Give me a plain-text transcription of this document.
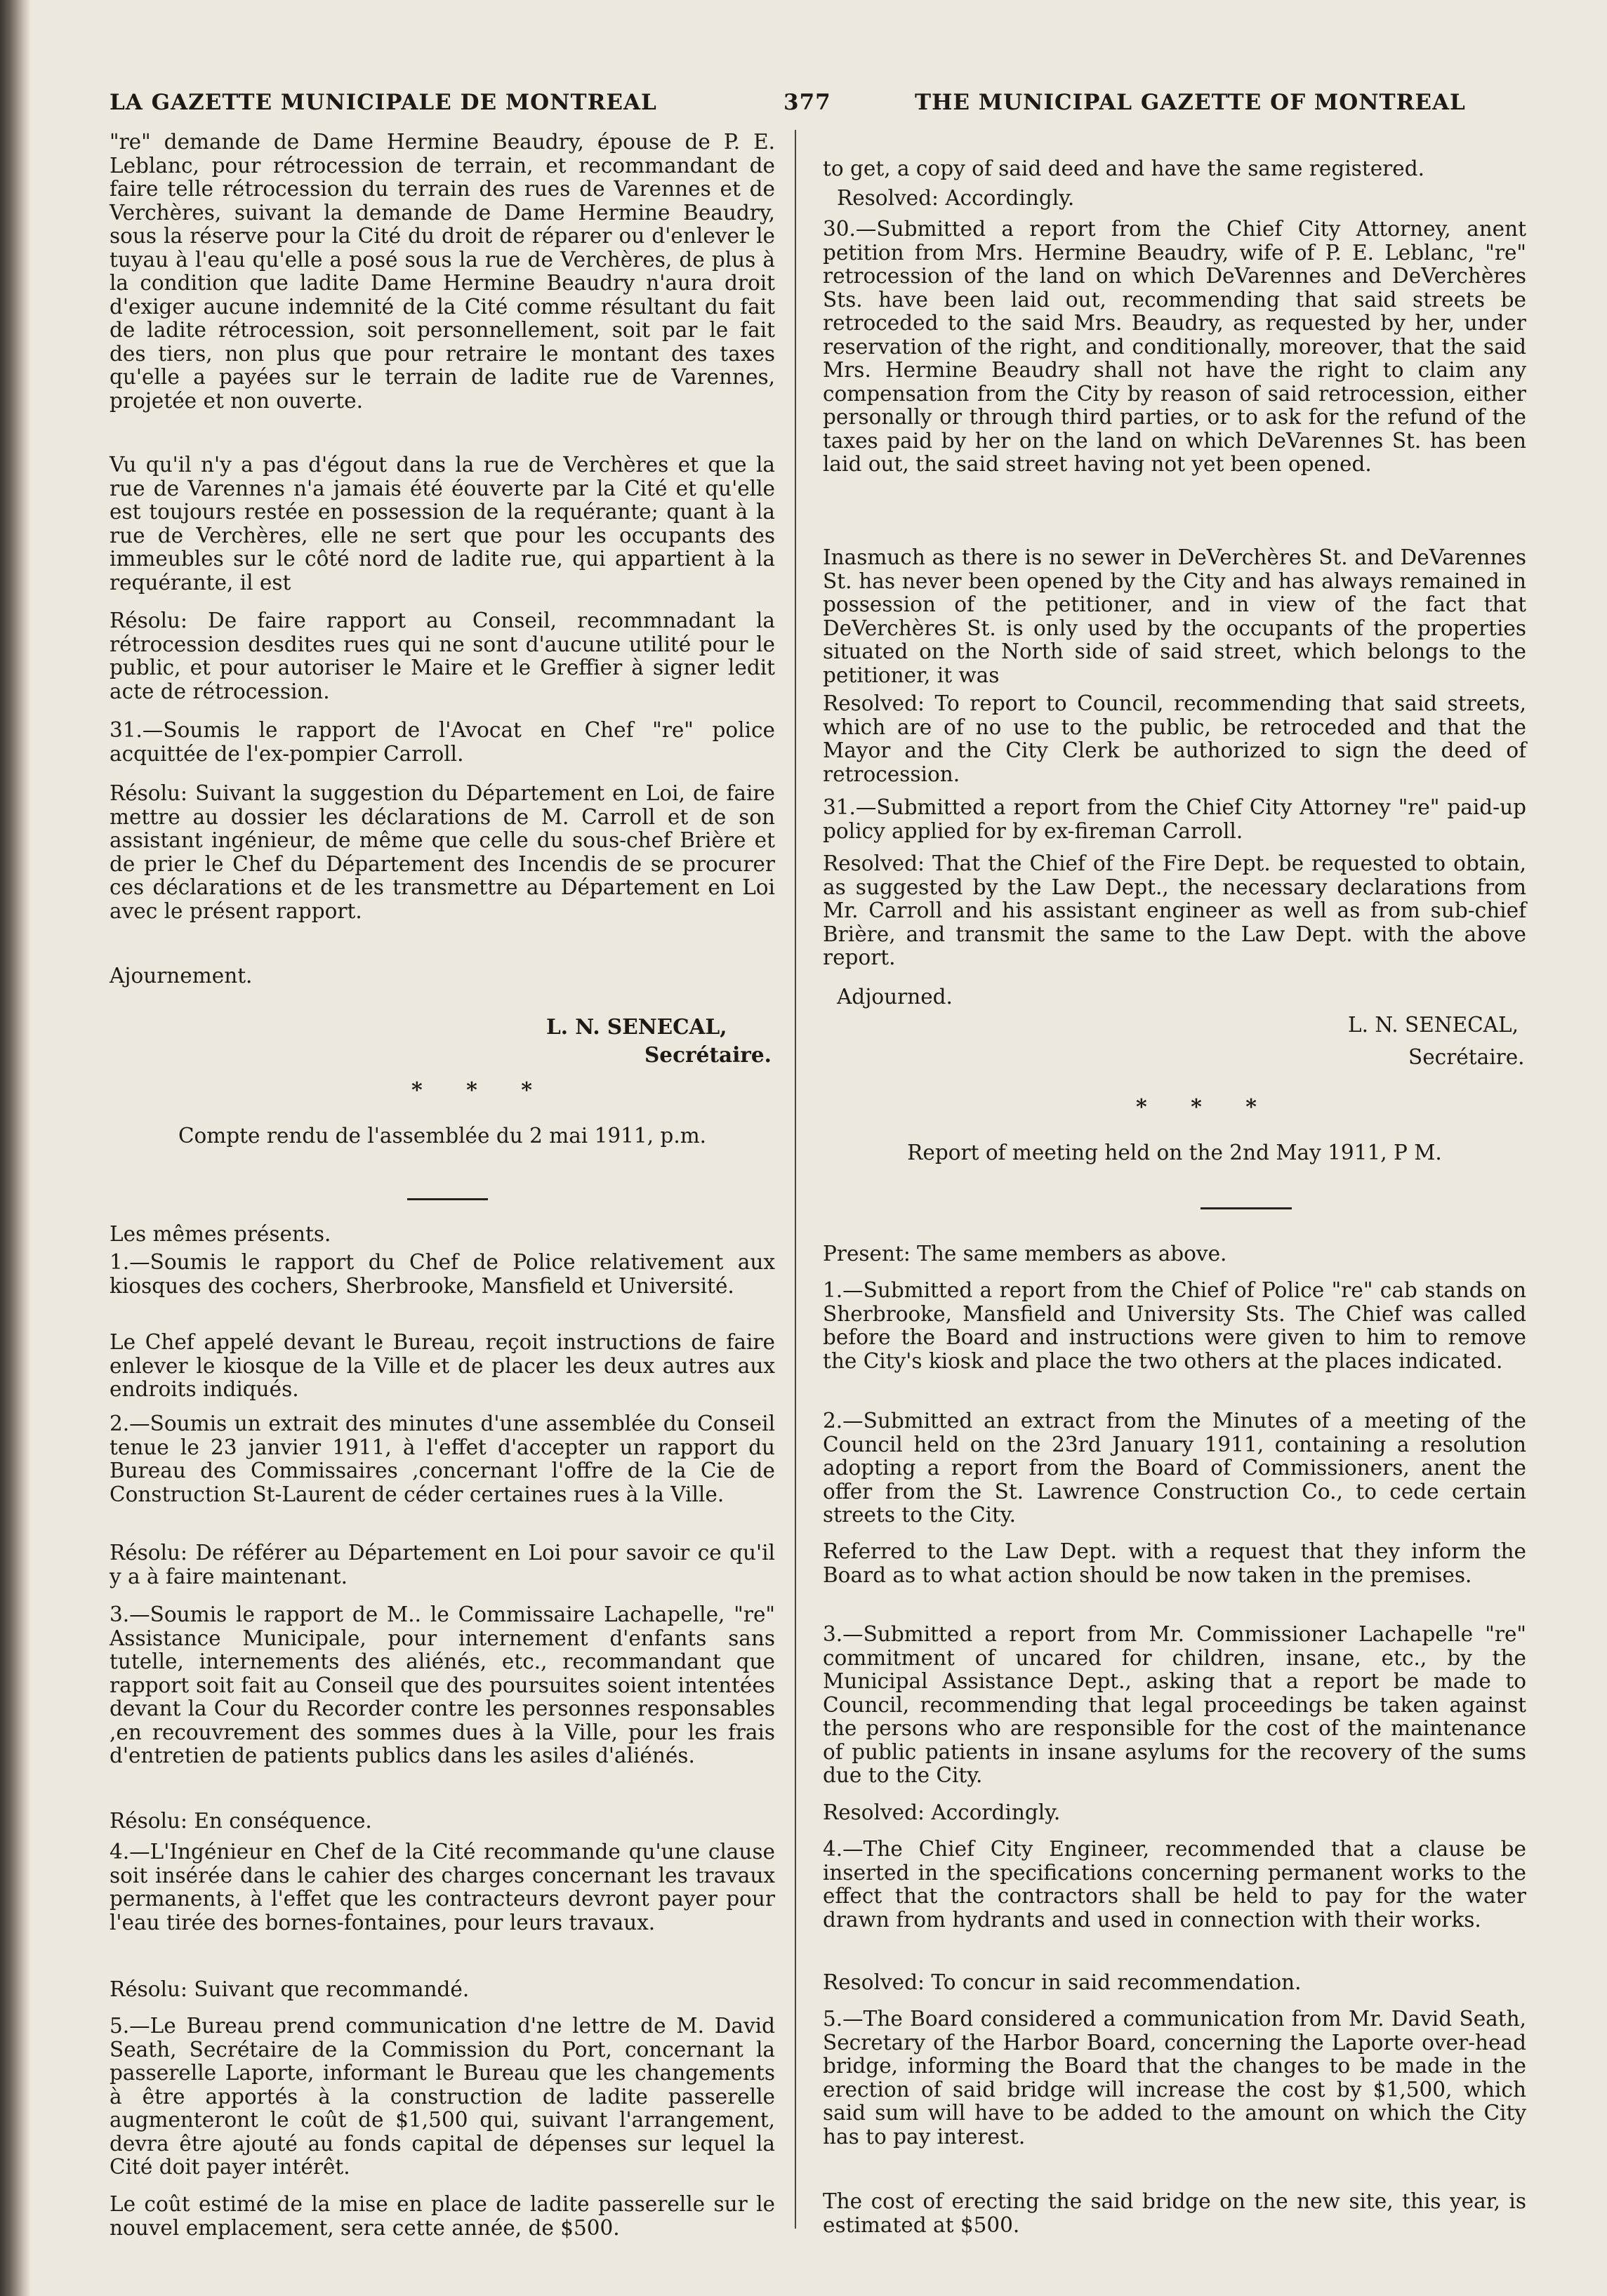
LA GAZETTE MUNICIPALE DE MONTREAL	377	THE MUNICIPAL GAZETTE OF MONTREAL

"re" demande de Dame Hermine Beaudry, épouse de P. E. Leblanc, pour rétrocession de terrain, et recommandant de faire telle rétrocession du terrain des rues de Varennes et de Verchères, suivant la demande de Dame Hermine Beaudry, sous la réserve pour la Cité du droit de réparer ou d'enlever le tuyau à l'eau qu'elle a posé sous la rue de Verchères, de plus à la condition que ladite Dame Hermine Beaudry n'aura droit d'exiger aucune indemnité de la Cité comme résultant du fait de ladite rétrocession, soit personnellement, soit par le fait des tiers, non plus que pour retraire le montant des taxes qu'elle a payées sur le terrain de ladite rue de Varennes, projetée et non ouverte.

Vu qu'il n'y a pas d'égout dans la rue de Verchères et que la rue de Varennes n'a jamais été éouverte par la Cité et qu'elle est toujours restée en possession de la requérante; quant à la rue de Verchères, elle ne sert que pour les occupants des immeubles sur le côté nord de ladite rue, qui appartient à la requérante, il est

Résolu: De faire rapport au Conseil, recommnadant la rétrocession desdites rues qui ne sont d'aucune utilité pour le public, et pour autoriser le Maire et le Greffier à signer ledit acte de rétrocession.

31.—Soumis le rapport de l'Avocat en Chef "re" police acquittée de l'ex-pompier Carroll.

Résolu: Suivant la suggestion du Département en Loi, de faire mettre au dossier les déclarations de M. Carroll et de son assistant ingénieur, de même que celle du sous-chef Brière et de prier le Chef du Département des Incendis de se procurer ces déclarations et de les transmettre au Département en Loi avec le présent rapport.

Ajournement.

L. N. SENECAL,
Secrétaire.
* * *

Compte rendu de l'assemblée du 2 mai 1911, p.m.

Les mêmes présents.

1.—Soumis le rapport du Chef de Police relativement aux kiosques des cochers, Sherbrooke, Mansfield et Université.

Le Chef appelé devant le Bureau, reçoit instructions de faire enlever le kiosque de la Ville et de placer les deux autres aux endroits indiqués.

2.—Soumis un extrait des minutes d'une assemblée du Conseil tenue le 23 janvier 1911, à l'effet d'accepter un rapport du Bureau des Commissaires ,concernant l'offre de la Cie de Construction St-Laurent de céder certaines rues à la Ville.

Résolu: De référer au Département en Loi pour savoir ce qu'il y a à faire maintenant.

3.—Soumis le rapport de M.. le Commissaire Lachapelle, "re" Assistance Municipale, pour internement d'enfants sans tutelle, internements des aliénés, etc., recommandant que rapport soit fait au Conseil que des poursuites soient intentées devant la Cour du Recorder contre les personnes responsables ,en recouvrement des sommes dues à la Ville, pour les frais d'entretien de patients publics dans les asiles d'aliénés.

Résolu: En conséquence.

4.—L'Ingénieur en Chef de la Cité recommande qu'une clause soit insérée dans le cahier des charges concernant les travaux permanents, à l'effet que les contracteurs devront payer pour l'eau tirée des bornes-fontaines, pour leurs travaux.

Résolu: Suivant que recommandé.

5.—Le Bureau prend communication d'ne lettre de M. David Seath, Secrétaire de la Commission du Port, concernant la passerelle Laporte, informant le Bureau que les changements à être apportés à la construction de ladite passerelle augmenteront le coût de $1,500 qui, suivant l'arrangement, devra être ajouté au fonds capital de dépenses sur lequel la Cité doit payer intérêt.

Le coût estimé de la mise en place de ladite passerelle sur le nouvel emplacement, sera cette année, de $500.

to get, a copy of said deed and have the same registered.

Resolved: Accordingly.

30.—Submitted a report from the Chief City Attorney, anent petition from Mrs. Hermine Beaudry, wife of P. E. Leblanc, "re" retrocession of the land on which DeVarennes and DeVerchères Sts. have been laid out, recommending that said streets be retroceded to the said Mrs. Beaudry, as requested by her, under reservation of the right, and conditionally, moreover, that the said Mrs. Hermine Beaudry shall not have the right to claim any compensation from the City by reason of said retrocession, either personally or through third parties, or to ask for the refund of the taxes paid by her on the land on which DeVarennes St. has been laid out, the said street having not yet been opened.

Inasmuch as there is no sewer in DeVerchères St. and DeVarennes St. has never been opened by the City and has always remained in possession of the petitioner, and in view of the fact that DeVerchères St. is only used by the occupants of the properties situated on the North side of said street, which belongs to the petitioner, it was

Resolved: To report to Council, recommending that said streets, which are of no use to the public, be retroceded and that the Mayor and the City Clerk be authorized to sign the deed of retrocession.

31.—Submitted a report from the Chief City Attorney "re" paid-up policy applied for by ex-fireman Carroll.

Resolved: That the Chief of the Fire Dept. be requested to obtain, as suggested by the Law Dept., the necessary declarations from Mr. Carroll and his assistant engineer as well as from sub-chief Brière, and transmit the same to the Law Dept. with the above report.

Adjourned.

L. N. SENECAL,
Secrétaire.
* * *

Report of meeting held on the 2nd May 1911, P M.

Present: The same members as above.

1.—Submitted a report from the Chief of Police "re" cab stands on Sherbrooke, Mansfield and University Sts. The Chief was called before the Board and instructions were given to him to remove the City's kiosk and place the two others at the places indicated.

2.—Submitted an extract from the Minutes of a meeting of the Council held on the 23rd January 1911, containing a resolution adopting a report from the Board of Commissioners, anent the offer from the St. Lawrence Construction Co., to cede certain streets to the City.

Referred to the Law Dept. with a request that they inform the Board as to what action should be now taken in the premises.

3.—Submitted a report from Mr. Commissioner Lachapelle "re" commitment of uncared for children, insane, etc., by the Municipal Assistance Dept., asking that a report be made to Council, recommending that legal proceedings be taken against the persons who are responsible for the cost of the maintenance of public patients in insane asylums for the recovery of the sums due to the City.

Resolved: Accordingly.

4.—The Chief City Engineer, recommended that a clause be inserted in the specifications concerning permanent works to the effect that the contractors shall be held to pay for the water drawn from hydrants and used in connection with their works.

Resolved: To concur in said recommendation.

5.—The Board considered a communication from Mr. David Seath, Secretary of the Harbor Board, concerning the Laporte over-head bridge, informing the Board that the changes to be made in the erection of said bridge will increase the cost by $1,500, which said sum will have to be added to the amount on which the City has to pay interest.

The cost of erecting the said bridge on the new site, this year, is estimated at $500.
